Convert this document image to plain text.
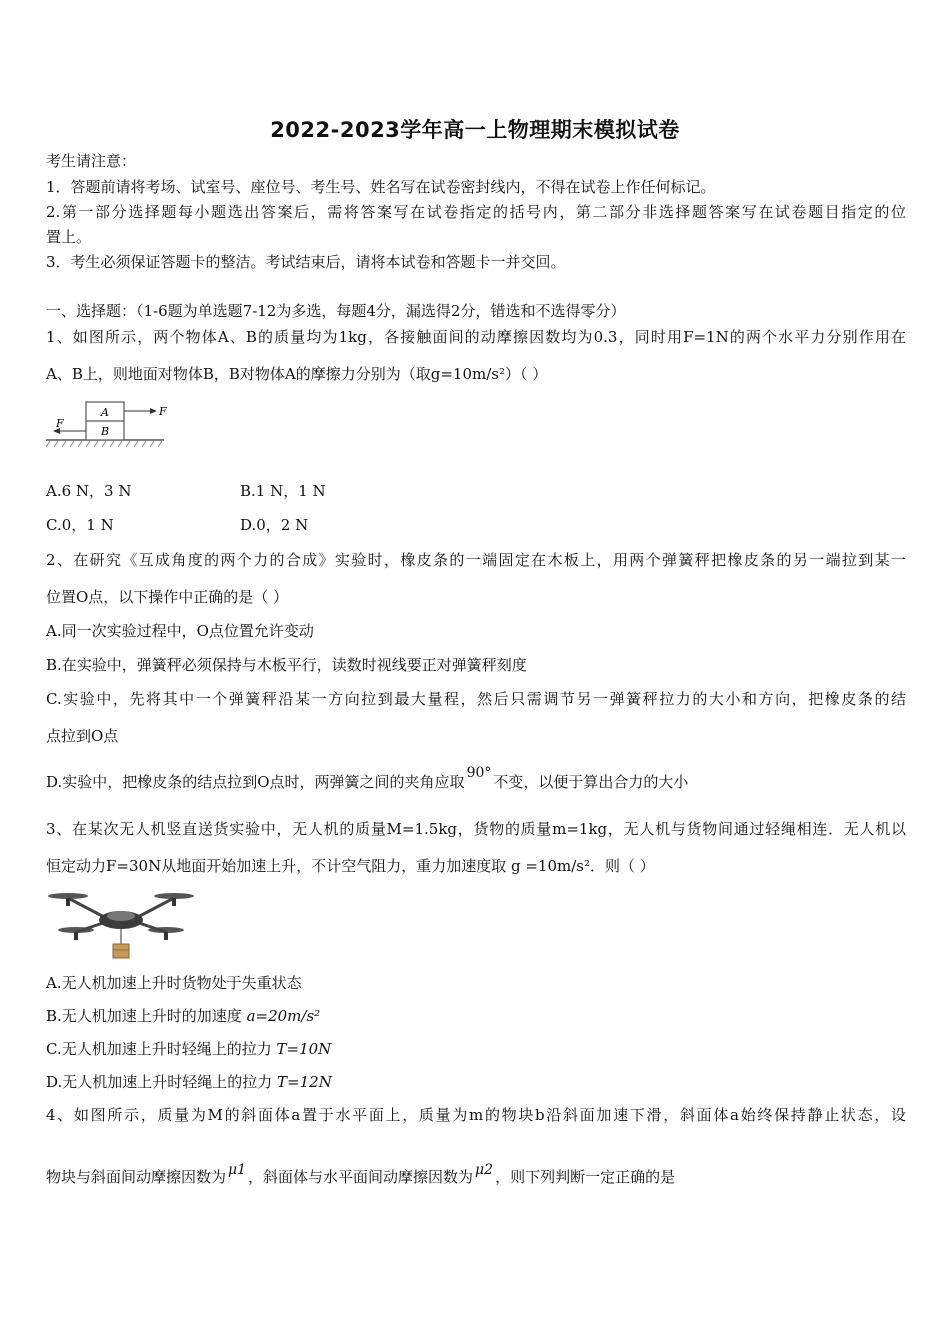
2022-2023学年高一上物理期末模拟试卷
考生请注意：
1．答题前请将考场、试室号、座位号、考生号、姓名写在试卷密封线内，不得在试卷上作任何标记。
2.第一部分选择题每小题选出答案后，需将答案写在试卷指定的括号内，第二部分非选择题答案写在试卷题目指定的位
置上。
3．考生必须保证答题卡的整洁。考试结束后，请将本试卷和答题卡一并交回。
一、选择题：（1-6题为单选题7-12为多选，每题4分，漏选得2分，错选和不选得零分）
1、如图所示，两个物体A、B的质量均为1kg，各接触面间的动摩擦因数均为0.3，同时用F=1N的两个水平力分别作用在
A、B上，则地面对物体B，B对物体A的摩擦力分别为（取g=10m/s²）（ ）
A
B
F
F
A.6 N，3 N	B.1 N，1 N
C.0，1 N	D.0，2 N
2、在研究《互成角度的两个力的合成》实验时，橡皮条的一端固定在木板上，用两个弹簧秤把橡皮条的另一端拉到某一
位置O点，以下操作中正确的是（ ）
A.同一次实验过程中，O点位置允许变动
B.在实验中，弹簧秤必须保持与木板平行，读数时视线要正对弹簧秤刻度
C.实验中，先将其中一个弹簧秤沿某一方向拉到最大量程，然后只需调节另一弹簧秤拉力的大小和方向，把橡皮条的结
点拉到O点
D.实验中，把橡皮条的结点拉到O点时，两弹簧之间的夹角应取 90° 不变，以便于算出合力的大小
3、在某次无人机竖直送货实验中，无人机的质量M=1.5kg，货物的质量m=1kg，无人机与货物间通过轻绳相连．无人机以
恒定动力F=30N从地面开始加速上升，不计空气阻力，重力加速度取 g =10m/s²．则（ ）
A.无人机加速上升时货物处于失重状态
B.无人机加速上升时的加速度 a=20m/s²
C.无人机加速上升时轻绳上的拉力 T=10N
D.无人机加速上升时轻绳上的拉力 T=12N
4、如图所示，质量为M的斜面体a置于水平面上，质量为m的物块b沿斜面加速下滑，斜面体a始终保持静止状态，设
物块与斜面间动摩擦因数为 μ1 ，斜面体与水平面间动摩擦因数为 μ2 ，则下列判断一定正确的是
